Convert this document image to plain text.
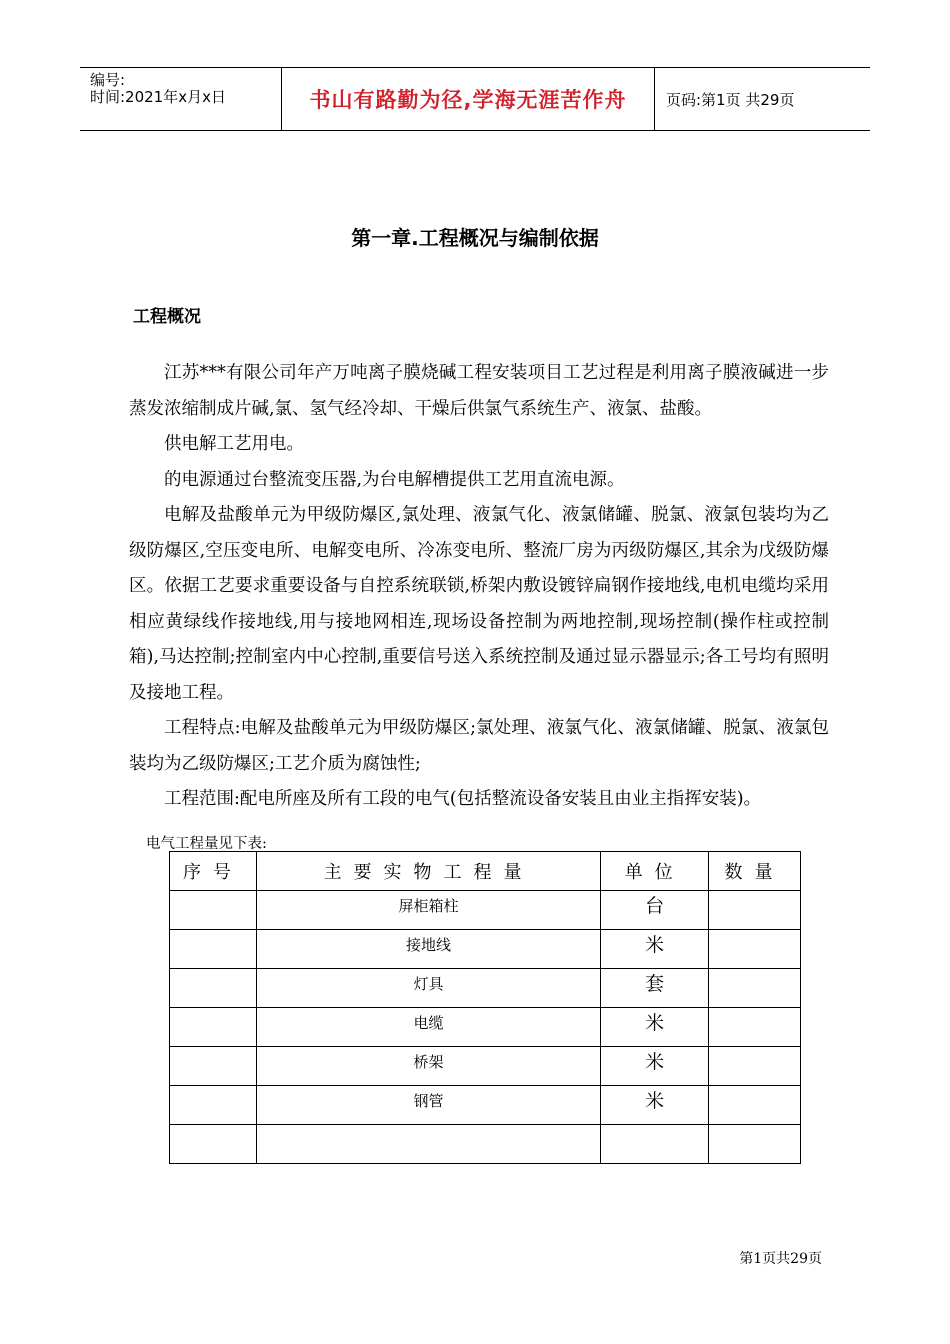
编号:
时间:2021年x月x日	书山有路勤为径,学海无涯苦作舟	页码:第1页 共29页
第一章.工程概况与编制依据
工程概况

江苏***有限公司年产万吨离子膜烧碱工程安装项目工艺过程是利用离子膜液碱进一步蒸发浓缩制成片碱,氯、氢气经冷却、干燥后供氯气系统生产、液氯、盐酸。

供电解工艺用电。

的电源通过台整流变压器,为台电解槽提供工艺用直流电源。

电解及盐酸单元为甲级防爆区,氯处理、液氯气化、液氯储罐、脱氯、液氯包装均为乙级防爆区,空压变电所、电解变电所、冷冻变电所、整流厂房为丙级防爆区,其余为戊级防爆区。依据工艺要求重要设备与自控系统联锁,桥架内敷设镀锌扁钢作接地线,电机电缆均采用相应黄绿线作接地线,用与接地网相连,现场设备控制为两地控制,现场控制(操作柱或控制箱),马达控制;控制室内中心控制,重要信号送入系统控制及通过显示器显示;各工号均有照明及接地工程。

工程特点:电解及盐酸单元为甲级防爆区;氯处理、液氯气化、液氯储罐、脱氯、液氯包装均为乙级防爆区;工艺介质为腐蚀性;

工程范围:配电所座及所有工段的电气(包括整流设备安装且由业主指挥安装)。

电气工程量见下表:
序号	主要实物工程量	单位	数量
	屏柜箱柱	台	
	接地线	米	
	灯具	套	
	电缆	米	
	桥架	米	
	钢管	米	

第1页共29页
